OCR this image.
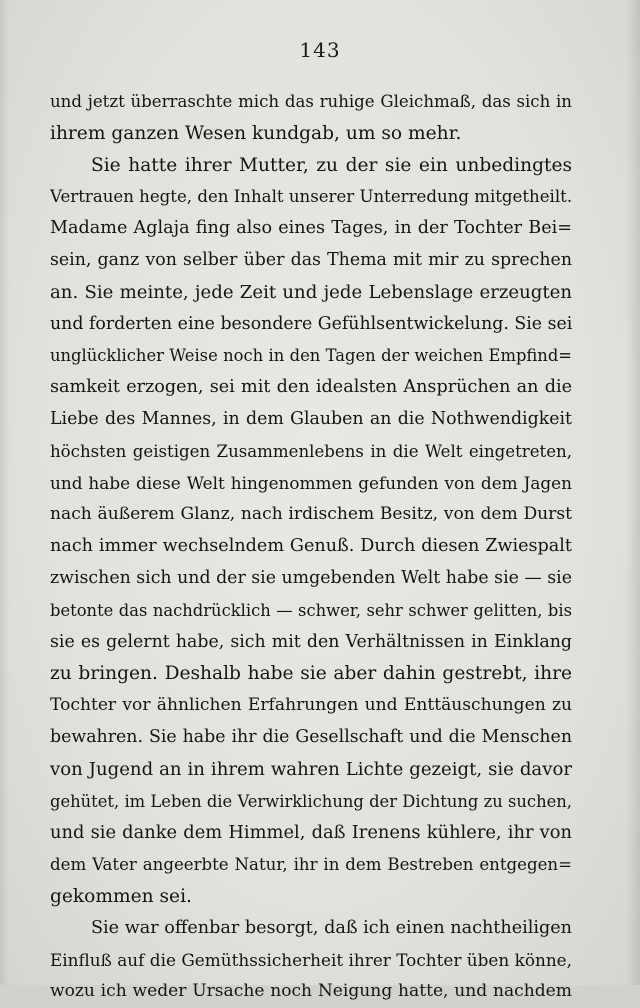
143
und jetzt überraschte mich das ruhige Gleichmaß, das sich in
ihrem ganzen Wesen kundgab, um so mehr.
Sie hatte ihrer Mutter, zu der sie ein unbedingtes
Vertrauen hegte, den Inhalt unserer Unterredung mitgetheilt.
Madame Aglaja fing also eines Tages, in der Tochter Bei=
sein, ganz von selber über das Thema mit mir zu sprechen
an. Sie meinte, jede Zeit und jede Lebenslage erzeugten
und forderten eine besondere Gefühlsentwickelung. Sie sei
unglücklicher Weise noch in den Tagen der weichen Empfind=
samkeit erzogen, sei mit den idealsten Ansprüchen an die
Liebe des Mannes, in dem Glauben an die Nothwendigkeit
höchsten geistigen Zusammenlebens in die Welt eingetreten,
und habe diese Welt hingenommen gefunden von dem Jagen
nach äußerem Glanz, nach irdischem Besitz, von dem Durst
nach immer wechselndem Genuß. Durch diesen Zwiespalt
zwischen sich und der sie umgebenden Welt habe sie — sie
betonte das nachdrücklich — schwer, sehr schwer gelitten, bis
sie es gelernt habe, sich mit den Verhältnissen in Einklang
zu bringen. Deshalb habe sie aber dahin gestrebt, ihre
Tochter vor ähnlichen Erfahrungen und Enttäuschungen zu
bewahren. Sie habe ihr die Gesellschaft und die Menschen
von Jugend an in ihrem wahren Lichte gezeigt, sie davor
gehütet, im Leben die Verwirklichung der Dichtung zu suchen,
und sie danke dem Himmel, daß Irenens kühlere, ihr von
dem Vater angeerbte Natur, ihr in dem Bestreben entgegen=
gekommen sei.
Sie war offenbar besorgt, daß ich einen nachtheiligen
Einfluß auf die Gemüthssicherheit ihrer Tochter üben könne,
wozu ich weder Ursache noch Neigung hatte, und nachdem
